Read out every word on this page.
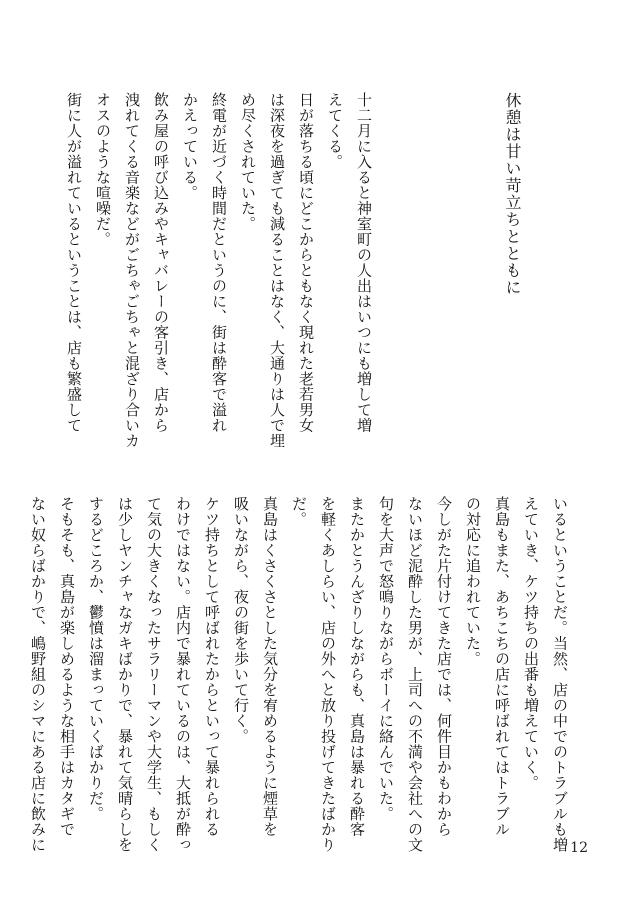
休憩は甘い苛立ちとともに

十二月に入ると神室町の人出はいつにも増して増

えてくる。

日が落ちる頃にどこからともなく現れた老若男女

は深夜を過ぎても減ることはなく、大通りは人で埋

め尽くされていた。

終電が近づく時間だというのに、街は酔客で溢れ

かえっている。

飲み屋の呼び込みやキャバレーの客引き、店から

洩れてくる音楽などがごちゃごちゃと混ざり合いカ

オスのような喧噪だ。

街に人が溢れているということは、店も繁盛して

いるということだ。当然、店の中でのトラブルも増

えていき、ケツ持ちの出番も増えていく。

真島もまた、あちこちの店に呼ばれてはトラブル

の対応に追われていた。

今しがた片付けてきた店では、何件目かもわから

ないほど泥酔した男が、上司への不満や会社への文

句を大声で怒鳴りながらボーイに絡んでいた。

またかとうんざりしながらも、真島は暴れる酔客

を軽くあしらい、店の外へと放り投げてきたばかり

だ。

真島はくさくさとした気分を宥めるように煙草を

吸いながら、夜の街を歩いて行く。

ケツ持ちとして呼ばれたからといって暴れられる

わけではない。店内で暴れているのは、大抵が酔っ

て気の大きくなったサラリーマンや大学生、もしく

は少しヤンチャなガキばかりで、暴れて気晴らしを

するどころか、鬱憤は溜まっていくばかりだ。

そもそも、真島が楽しめるような相手はカタギで

ない奴らばかりで、嶋野組のシマにある店に飲みに	12
